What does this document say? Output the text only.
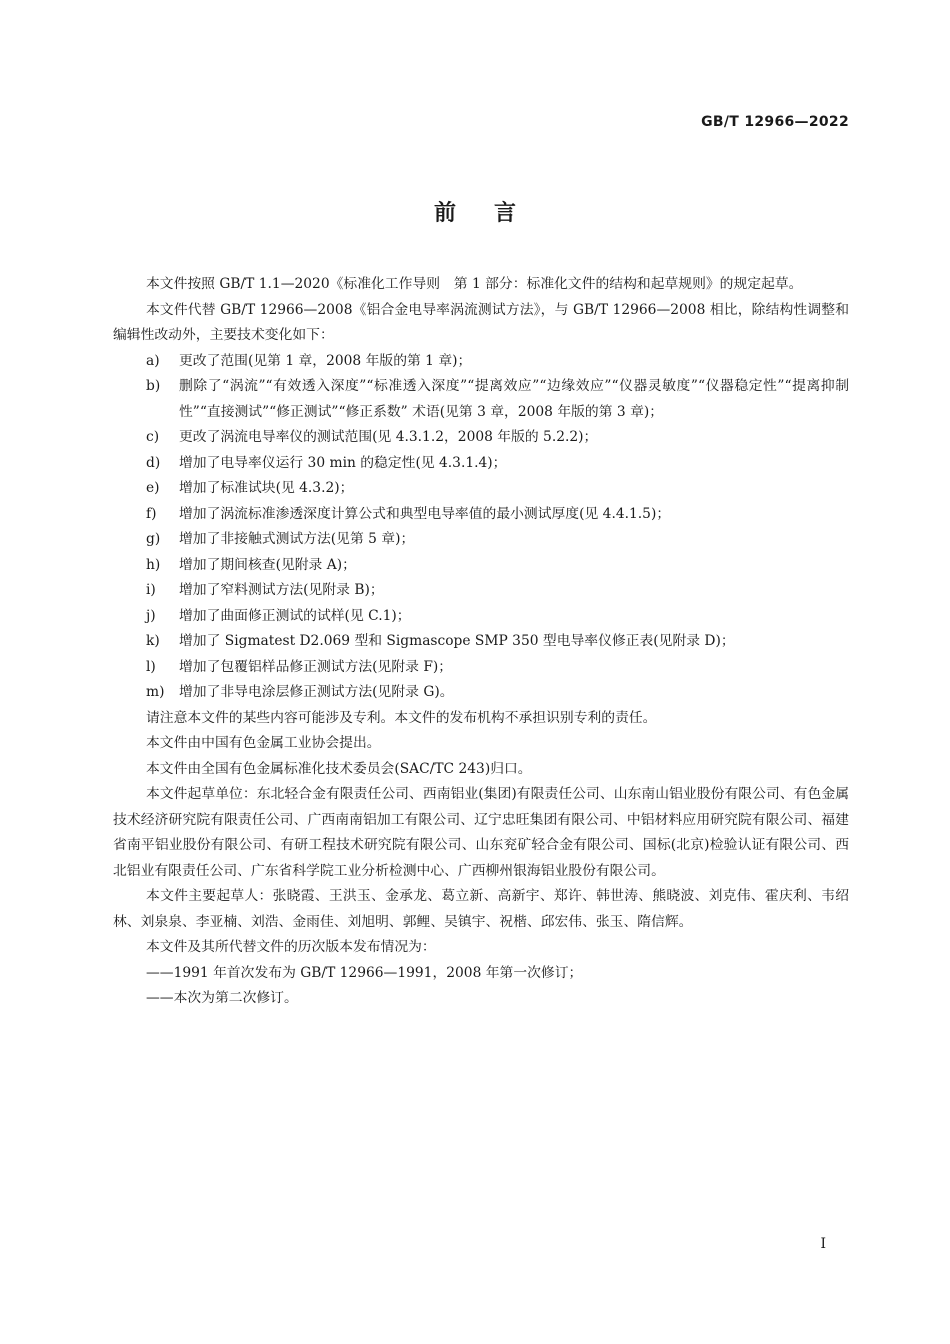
GB/T 12966—2022
前言

本文件按照 GB/T 1.1—2020《标准化工作导则　第 1 部分：标准化文件的结构和起草规则》的规定起草。

本文件代替 GB/T 12966—2008《铝合金电导率涡流测试方法》，与 GB/T 12966—2008 相比，除结构性调整和编辑性改动外，主要技术变化如下：

a) 更改了范围(见第 1 章，2008 年版的第 1 章)；
b) 删除了“涡流”“有效透入深度”“标准透入深度”“提离效应”“边缘效应”“仪器灵敏度”“仪器稳定性”“提离抑制性”“直接测试”“修正测试”“修正系数” 术语(见第 3 章，2008 年版的第 3 章)；
c) 更改了涡流电导率仪的测试范围(见 4.3.1.2，2008 年版的 5.2.2)；
d) 增加了电导率仪运行 30 min 的稳定性(见 4.3.1.4)；
e) 增加了标准试块(见 4.3.2)；
f) 增加了涡流标准渗透深度计算公式和典型电导率值的最小测试厚度(见 4.4.1.5)；
g) 增加了非接触式测试方法(见第 5 章)；
h) 增加了期间核查(见附录 A)；
i) 增加了窄料测试方法(见附录 B)；
j) 增加了曲面修正测试的试样(见 C.1)；
k) 增加了 Sigmatest D2.069 型和 Sigmascope SMP 350 型电导率仪修正表(见附录 D)；
l) 增加了包覆铝样品修正测试方法(见附录 F)；
m) 增加了非导电涂层修正测试方法(见附录 G)。

请注意本文件的某些内容可能涉及专利。本文件的发布机构不承担识别专利的责任。

本文件由中国有色金属工业协会提出。

本文件由全国有色金属标准化技术委员会(SAC/TC 243)归口。

本文件起草单位：东北轻合金有限责任公司、西南铝业(集团)有限责任公司、山东南山铝业股份有限公司、有色金属技术经济研究院有限责任公司、广西南南铝加工有限公司、辽宁忠旺集团有限公司、中铝材料应用研究院有限公司、福建省南平铝业股份有限公司、有研工程技术研究院有限公司、山东兖矿轻合金有限公司、国标(北京)检验认证有限公司、西北铝业有限责任公司、广东省科学院工业分析检测中心、广西柳州银海铝业股份有限公司。

本文件主要起草人：张晓霞、王洪玉、金承龙、葛立新、高新宇、郑许、韩世涛、熊晓波、刘克伟、霍庆利、韦绍林、刘泉泉、李亚楠、刘浩、金雨佳、刘旭明、郭鲤、吴镇宇、祝楷、邱宏伟、张玉、隋信辉。

本文件及其所代替文件的历次版本发布情况为：

——1991 年首次发布为 GB/T 12966—1991，2008 年第一次修订；

——本次为第二次修订。

I
